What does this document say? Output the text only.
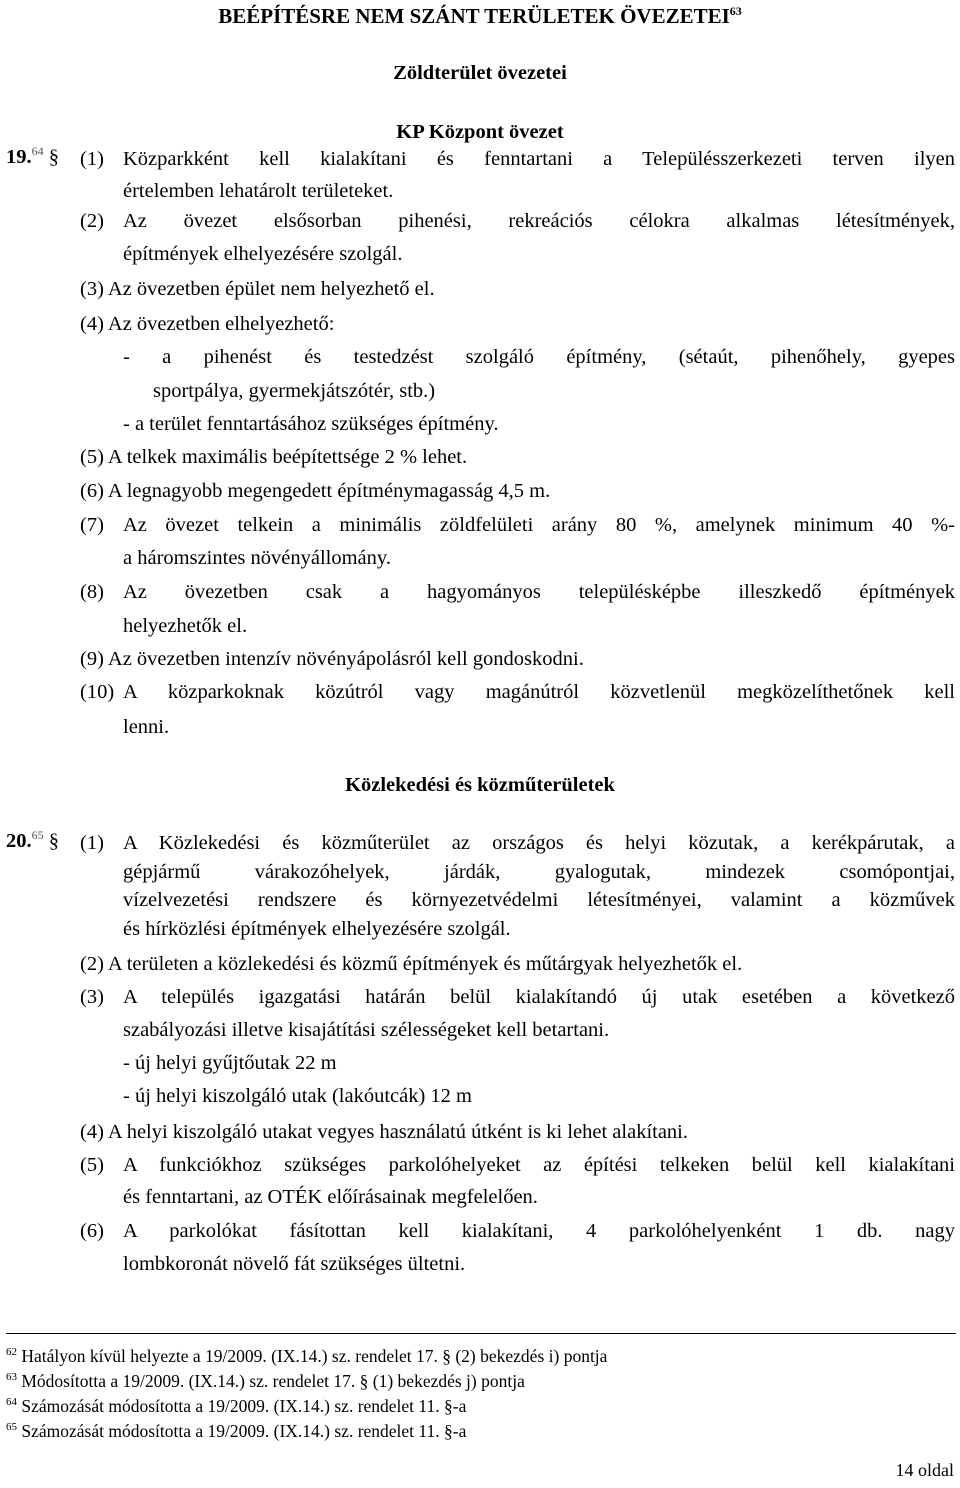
BEÉPÍTÉSRE NEM SZÁNT TERÜLETEK ÖVEZETEI$^{63}$
Zöldterület övezetei
KP Központ övezet
19.64 § (1) Közparkként kell kialakítani és fenntartani a Településszerkezeti terven ilyen
értelemben lehatárolt területeket.
(2) Az övezet elsősorban pihenési, rekreációs célokra alkalmas létesítmények,
építmények elhelyezésére szolgál.
(3) Az övezetben épület nem helyezhető el.
(4) Az övezetben elhelyezhető:
- a pihenést és testedzést szolgáló építmény, (sétaút, pihenőhely, gyepes
sportpálya, gyermekjátszótér, stb.)
- a terület fenntartásához szükséges építmény.
(5) A telkek maximális beépítettsége 2 % lehet.
(6) A legnagyobb megengedett építménymagasság 4,5 m.
(7) Az övezet telkein a minimális zöldfelületi arány 80 %, amelynek minimum 40 %-
a háromszintes növényállomány.
(8) Az övezetben csak a hagyományos településképbe illeszkedő építmények
helyezhetők el.
(9) Az övezetben intenzív növényápolásról kell gondoskodni.
(10) A közparkoknak közútról vagy magánútról közvetlenül megközelíthetőnek kell
lenni.
Közlekedési és közműterületek
20.65 § (1) A Közlekedési és közműterület az országos és helyi közutak, a kerékpárutak, a
gépjármű várakozóhelyek, járdák, gyalogutak, mindezek csomópontjai,
vízelvezetési rendszere és környezetvédelmi létesítményei, valamint a közművek
és hírközlési építmények elhelyezésére szolgál.
(2) A területen a közlekedési és közmű építmények és műtárgyak helyezhetők el.
(3) A település igazgatási határán belül kialakítandó új utak esetében a következő
szabályozási illetve kisajátítási szélességeket kell betartani.
- új helyi gyűjtőutak 22 m
- új helyi kiszolgáló utak (lakóutcák) 12 m
(4) A helyi kiszolgáló utakat vegyes használatú útként is ki lehet alakítani.
(5) A funkciókhoz szükséges parkolóhelyeket az építési telkeken belül kell kialakítani
és fenntartani, az OTÉK előírásainak megfelelően.
(6) A parkolókat fásítottan kell kialakítani, 4 parkolóhelyenként 1 db. nagy
lombkoronát növelő fát szükséges ültetni.
$^{62}$ Hatályon kívül helyezte a 19/2009. (IX.14.) sz. rendelet 17. § (2) bekezdés i) pontja
$^{63}$ Módosította a 19/2009. (IX.14.) sz. rendelet 17. § (1) bekezdés j) pontja
$^{64}$ Számozását módosította a 19/2009. (IX.14.) sz. rendelet 11. §-a
$^{65}$ Számozását módosította a 19/2009. (IX.14.) sz. rendelet 11. §-a
14 oldal
